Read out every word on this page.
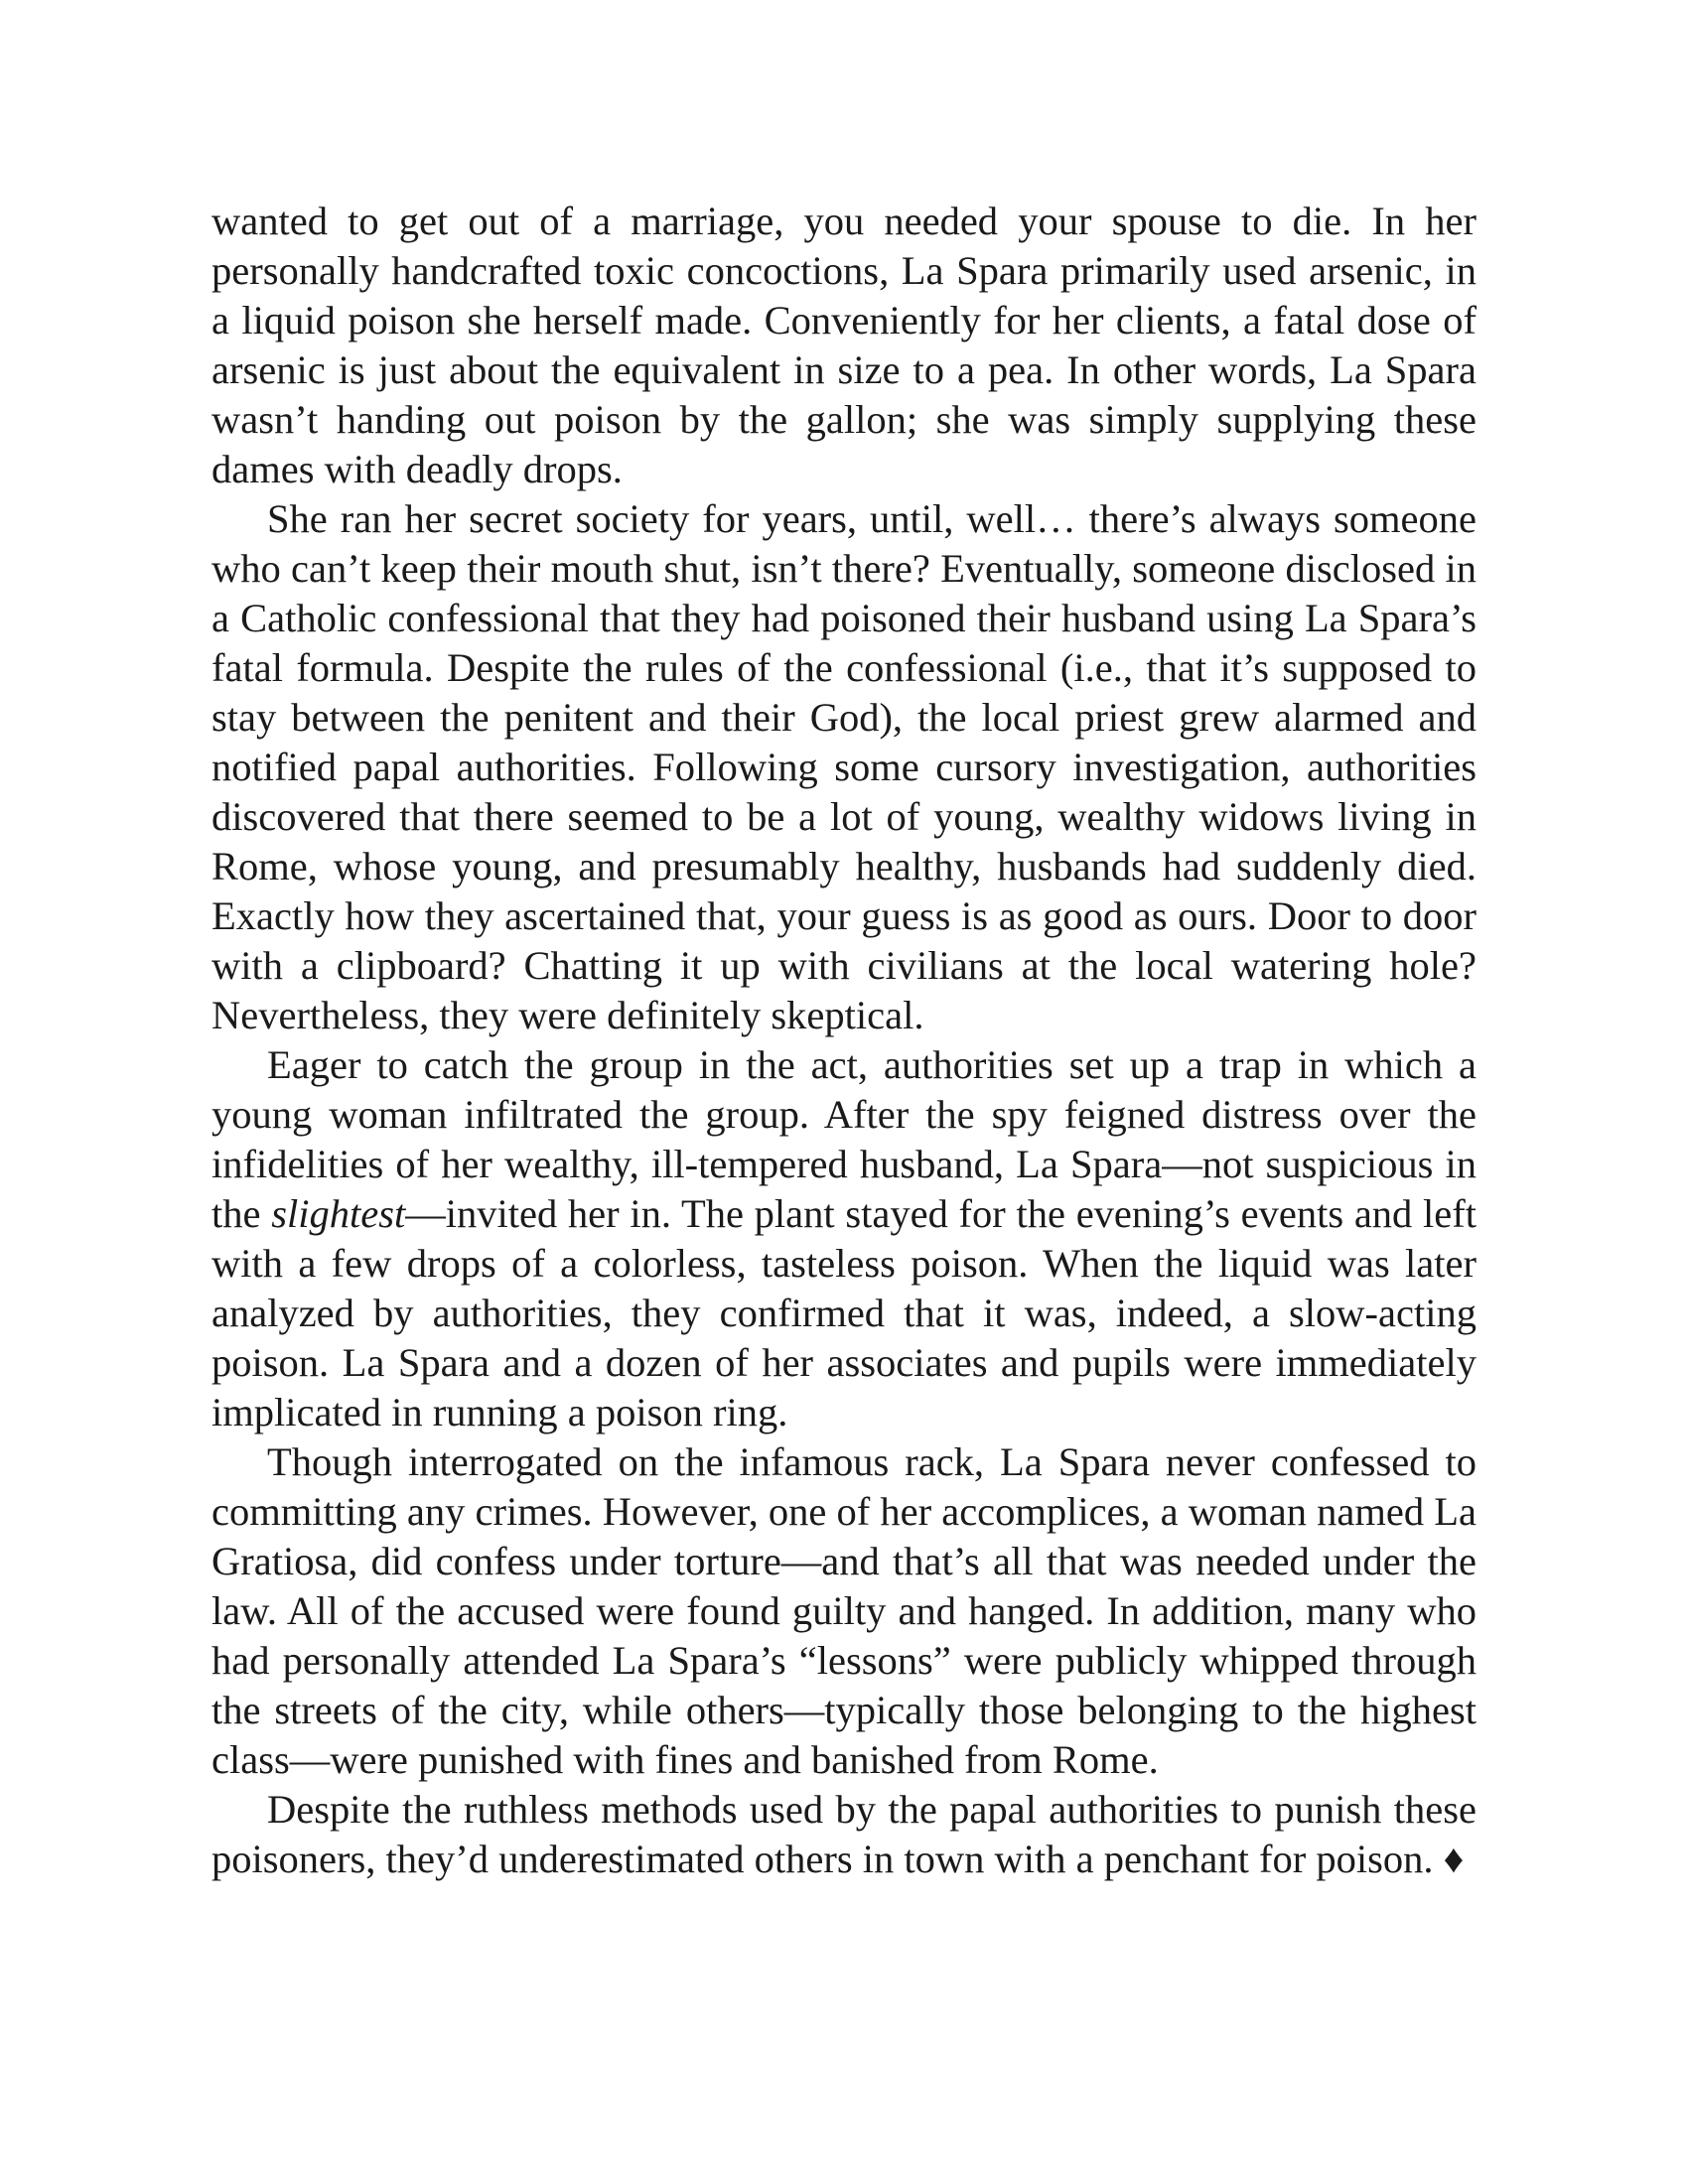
wanted to get out of a marriage, you needed your spouse to die. In her personally handcrafted toxic concoctions, La Spara primarily used arsenic, in a liquid poison she herself made. Conveniently for her clients, a fatal dose of arsenic is just about the equivalent in size to a pea. In other words, La Spara wasn’t handing out poison by the gallon; she was simply supplying these dames with deadly drops.

She ran her secret society for years, until, well… there’s always someone who can’t keep their mouth shut, isn’t there? Eventually, someone disclosed in a Catholic confessional that they had poisoned their husband using La Spara’s fatal formula. Despite the rules of the confessional (i.e., that it’s supposed to stay between the penitent and their God), the local priest grew alarmed and notified papal authorities. Following some cursory investigation, authorities discovered that there seemed to be a lot of young, wealthy widows living in Rome, whose young, and presumably healthy, husbands had suddenly died. Exactly how they ascertained that, your guess is as good as ours. Door to door with a clipboard? Chatting it up with civilians at the local watering hole? Nevertheless, they were definitely skeptical.

Eager to catch the group in the act, authorities set up a trap in which a young woman infiltrated the group. After the spy feigned distress over the infidelities of her wealthy, ill-tempered husband, La Spara—not suspicious in the slightest—invited her in. The plant stayed for the evening’s events and left with a few drops of a colorless, tasteless poison. When the liquid was later analyzed by authorities, they confirmed that it was, indeed, a slow-acting poison. La Spara and a dozen of her associates and pupils were immediately implicated in running a poison ring.

Though interrogated on the infamous rack, La Spara never confessed to committing any crimes. However, one of her accomplices, a woman named La Gratiosa, did confess under torture—and that’s all that was needed under the law. All of the accused were found guilty and hanged. In addition, many who had personally attended La Spara’s “lessons” were publicly whipped through the streets of the city, while others—typically those belonging to the highest class—were punished with fines and banished from Rome.

Despite the ruthless methods used by the papal authorities to punish these poisoners, they’d underestimated others in town with a penchant for poison. ♦
